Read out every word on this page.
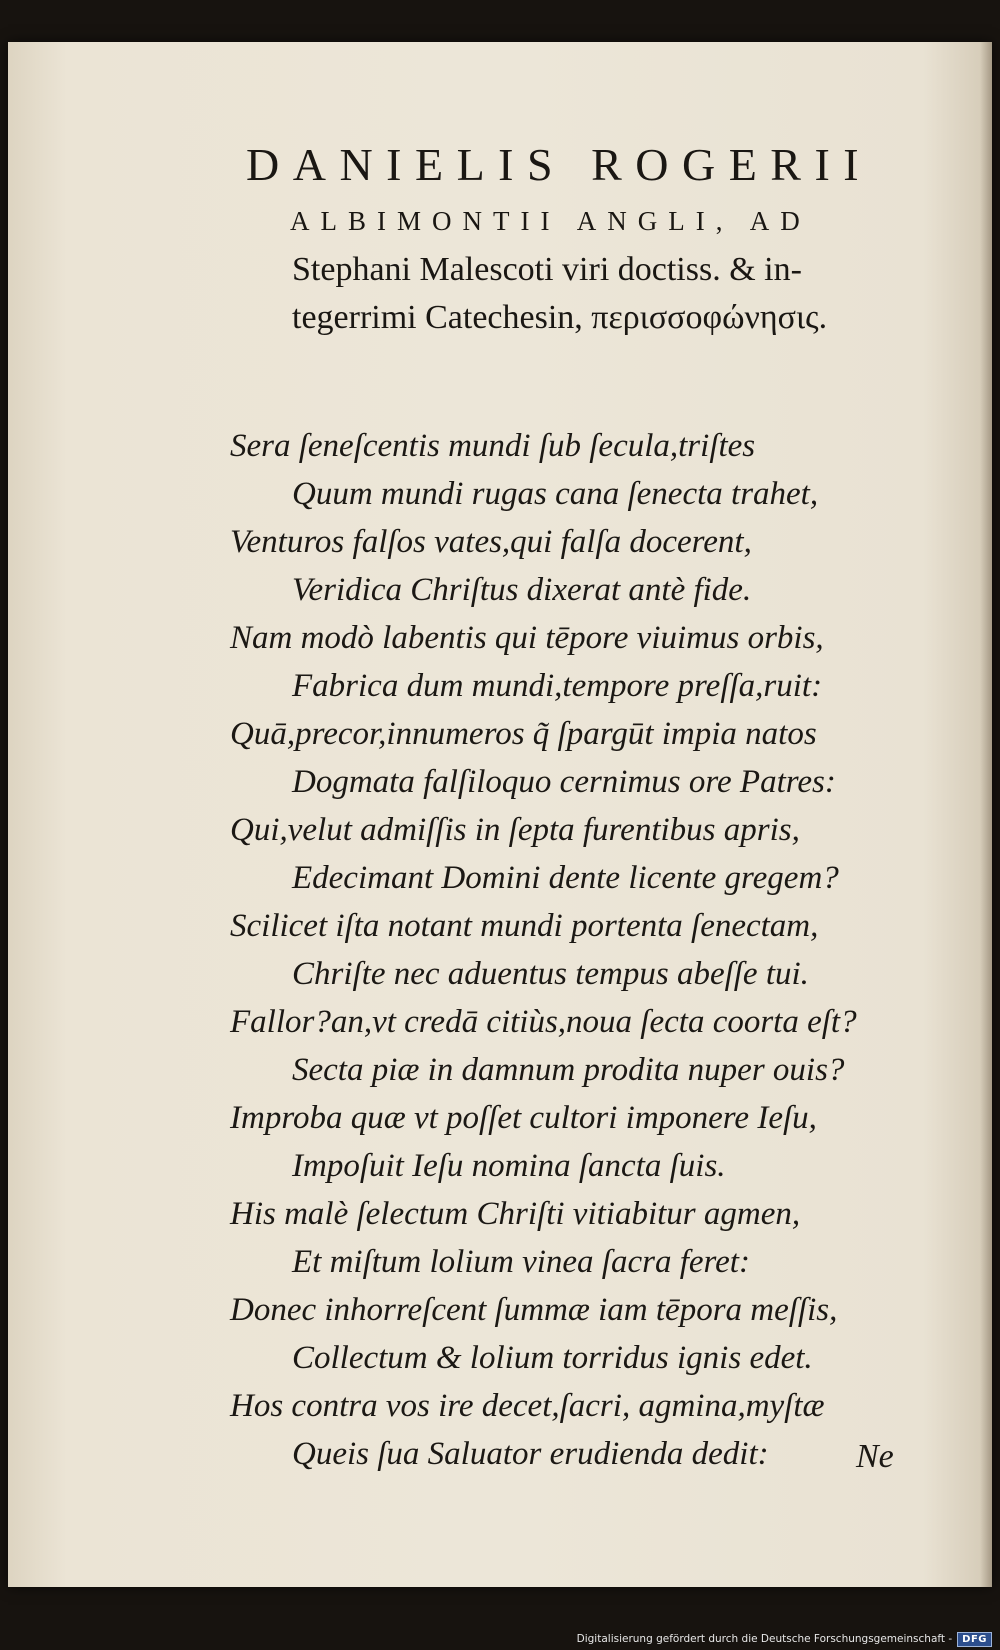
DANIELIS ROGERII
ALBIMONTII ANGLI, AD
Stephani Malescoti viri doctiss. & in-
tegerrimi Catechesin, περισσοφώνησις.
Sera ſeneſcentis mundi ſub ſecula,triſtes
Quum mundi rugas cana ſenecta trahet,
Venturos falſos vates,qui falſa docerent,
Veridica Chriſtus dixerat antè fide.
Nam modò labentis qui tēpore viuimus orbis,
Fabrica dum mundi,tempore preſſa,ruit:
Quā,precor,innumeros q̃ ſpargūt impia natos
Dogmata falſiloquo cernimus ore Patres:
Qui,velut admiſſis in ſepta furentibus apris,
Edecimant Domini dente licente gregem?
Scilicet iſta notant mundi portenta ſenectam,
Chriſte nec aduentus tempus abeſſe tui.
Fallor?an,vt credā citiùs,noua ſecta coorta eſt?
Secta piæ in damnum prodita nuper ouis?
Improba quæ vt poſſet cultori imponere Ieſu,
Impoſuit Ieſu nomina ſancta ſuis.
His malè ſelectum Chriſti vitiabitur agmen,
Et miſtum lolium vinea ſacra feret:
Donec inhorreſcent ſummæ iam tēpora meſſis,
Collectum & lolium torridus ignis edet.
Hos contra vos ire decet,ſacri, agmina,myſtæ
Queis ſua Saluator erudienda dedit:	Ne
Digitalisierung gefördert durch die Deutsche Forschungsgemeinschaft -	DFG
